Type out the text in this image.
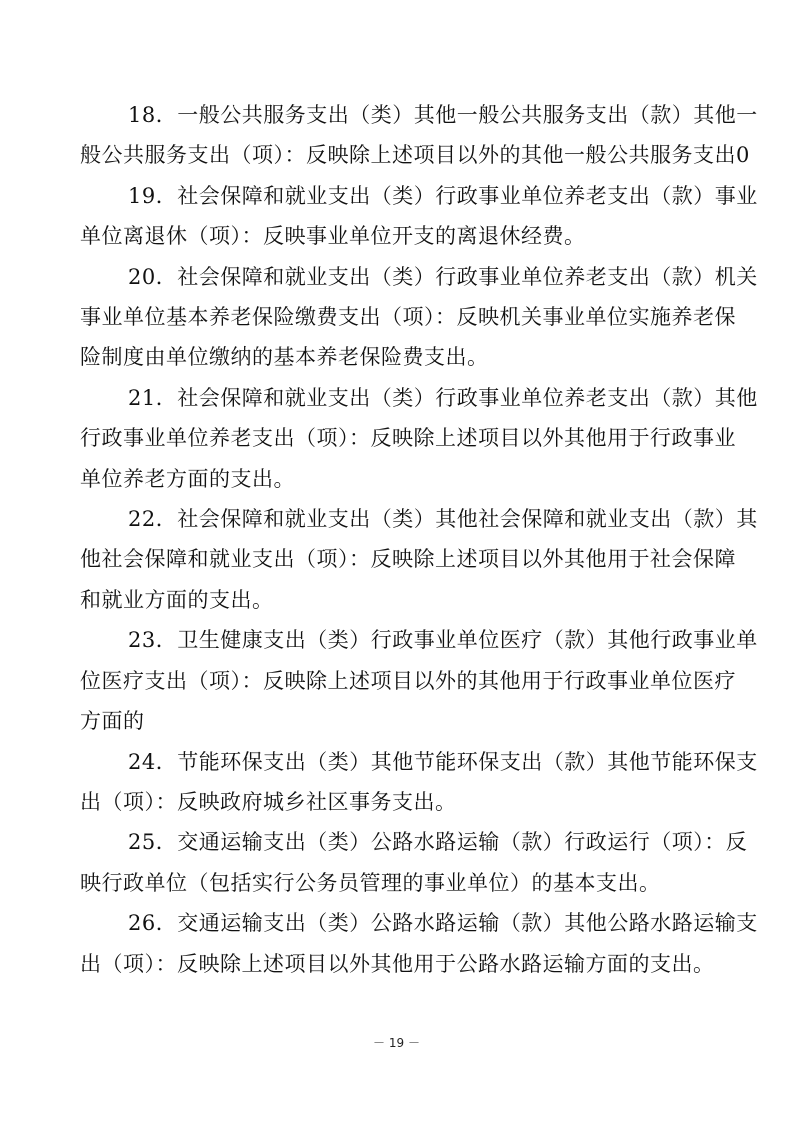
18．一般公共服务支出（类）其他一般公共服务支出（款）其他一
般公共服务支出（项）：反映除上述项目以外的其他一般公共服务支出0

19．社会保障和就业支出（类）行政事业单位养老支出（款）事业
单位离退休（项）：反映事业单位开支的离退休经费。

20．社会保障和就业支出（类）行政事业单位养老支出（款）机关
事业单位基本养老保险缴费支出（项）：反映机关事业单位实施养老保
险制度由单位缴纳的基本养老保险费支出。

21．社会保障和就业支出（类）行政事业单位养老支出（款）其他
行政事业单位养老支出（项）：反映除上述项目以外其他用于行政事业
单位养老方面的支出。

22．社会保障和就业支出（类）其他社会保障和就业支出（款）其
他社会保障和就业支出（项）：反映除上述项目以外其他用于社会保障
和就业方面的支出。

23．卫生健康支出（类）行政事业单位医疗（款）其他行政事业单
位医疗支出（项）：反映除上述项目以外的其他用于行政事业单位医疗
方面的

24．节能环保支出（类）其他节能环保支出（款）其他节能环保支
出（项）：反映政府城乡社区事务支出。

25．交通运输支出（类）公路水路运输（款）行政运行（项）：反
映行政单位（包括实行公务员管理的事业单位）的基本支出。

26．交通运输支出（类）公路水路运输（款）其他公路水路运输支
出（项）：反映除上述项目以外其他用于公路水路运输方面的支出。

－ 19 －
